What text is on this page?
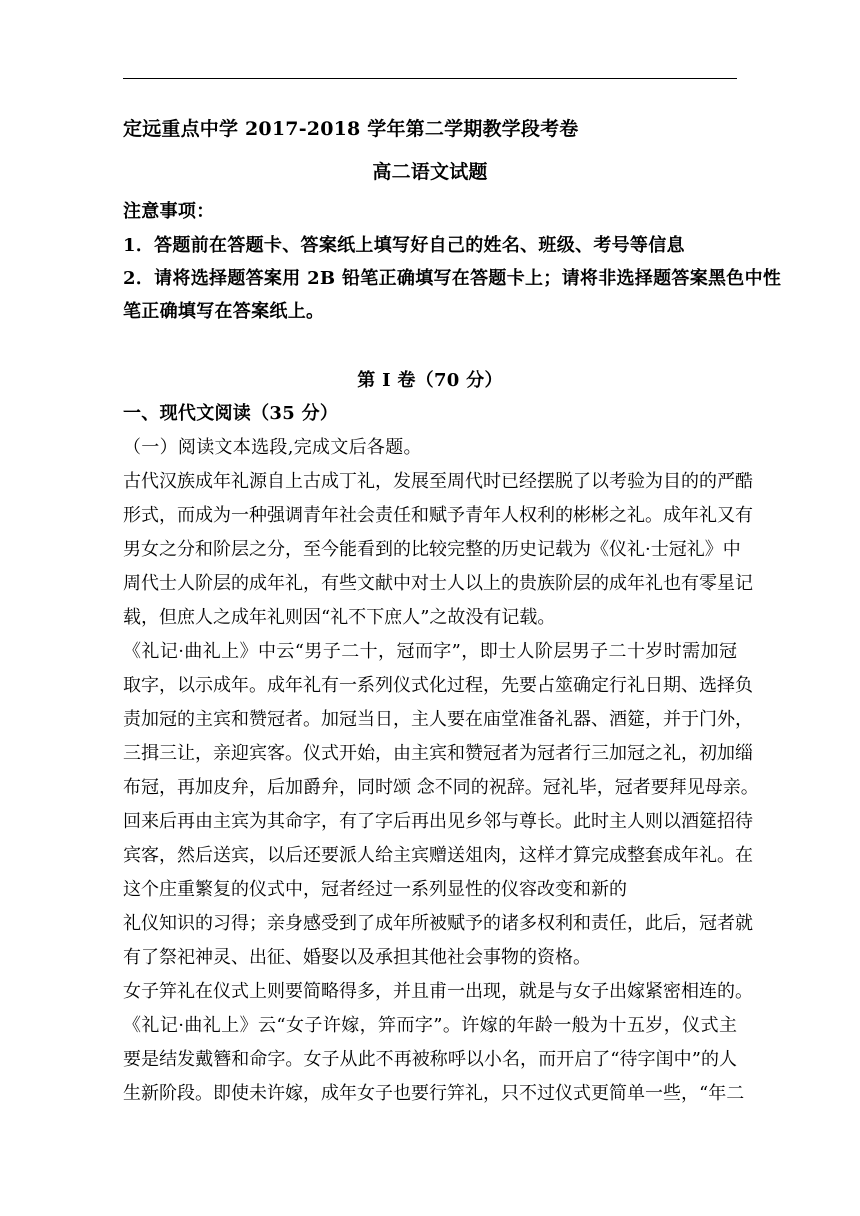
定远重点中学 2017-2018 学年第二学期教学段考卷
高二语文试题
注意事项：
1．答题前在答题卡、答案纸上填写好自己的姓名、班级、考号等信息
2．请将选择题答案用 2B 铅笔正确填写在答题卡上；请将非选择题答案黑色中性
笔正确填写在答案纸上。
第 I 卷（70 分）
一、现代文阅读（35 分）
（一）阅读文本选段,完成文后各题。
古代汉族成年礼源自上古成丁礼，发展至周代时已经摆脱了以考验为目的的严酷
形式，而成为一种强调青年社会责任和赋予青年人权利的彬彬之礼。成年礼又有
男女之分和阶层之分，至今能看到的比较完整的历史记载为《仪礼·士冠礼》中
周代士人阶层的成年礼，有些文献中对士人以上的贵族阶层的成年礼也有零星记
载，但庶人之成年礼则因“礼不下庶人”之故没有记载。
《礼记·曲礼上》中云“男子二十，冠而字”，即士人阶层男子二十岁时需加冠
取字，以示成年。成年礼有一系列仪式化过程，先要占筮确定行礼日期、选择负
责加冠的主宾和赞冠者。加冠当日，主人要在庙堂准备礼器、酒筵，并于门外，
三揖三让，亲迎宾客。仪式开始，由主宾和赞冠者为冠者行三加冠之礼，初加缁
布冠，再加皮弁，后加爵弁，同时颂 念不同的祝辞。冠礼毕，冠者要拜见母亲。
回来后再由主宾为其命字，有了字后再出见乡邻与尊长。此时主人则以酒筵招待
宾客，然后送宾，以后还要派人给主宾赠送俎肉，这样才算完成整套成年礼。在
这个庄重繁复的仪式中，冠者经过一系列显性的仪容改变和新的
礼仪知识的习得；亲身感受到了成年所被赋予的诸多权利和责任，此后，冠者就
有了祭祀神灵、出征、婚娶以及承担其他社会事物的资格。
女子笄礼在仪式上则要简略得多，并且甫一出现，就是与女子出嫁紧密相连的。
《礼记·曲礼上》云“女子许嫁，笄而字”。许嫁的年龄一般为十五岁，仪式主
要是结发戴簪和命字。女子从此不再被称呼以小名，而开启了“待字闺中”的人
生新阶段。即使未许嫁，成年女子也要行笄礼，只不过仪式更简单一些，“年二
